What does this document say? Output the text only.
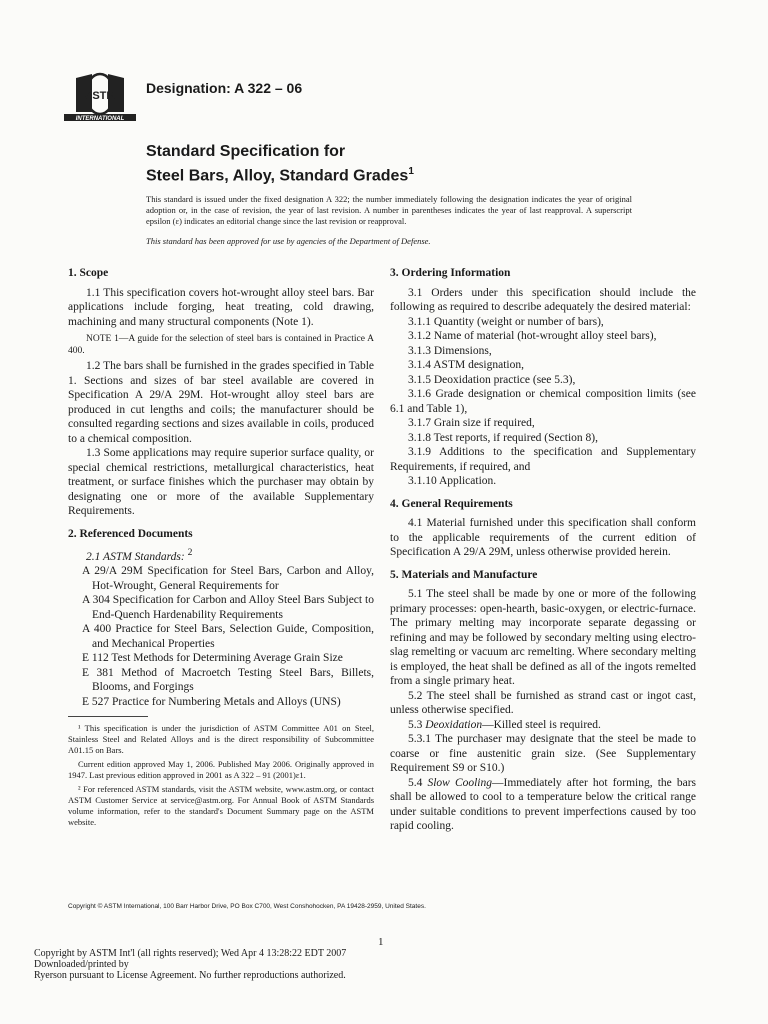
ASTM
INTERNATIONAL
Designation: A 322 – 06
Standard Specification for
Steel Bars, Alloy, Standard Grades$^1$
This standard is issued under the fixed designation A 322; the number immediately following the designation indicates the year of original adoption or, in the case of revision, the year of last revision. A number in parentheses indicates the year of last reapproval. A superscript epsilon (ε) indicates an editorial change since the last revision or reapproval.
This standard has been approved for use by agencies of the Department of Defense.
1. Scope

1.1 This specification covers hot-wrought alloy steel bars. Bar applications include forging, heat treating, cold drawing, machining and many structural components (Note 1).

NOTE 1—A guide for the selection of steel bars is contained in Practice A 400.

1.2 The bars shall be furnished in the grades specified in Table 1. Sections and sizes of bar steel available are covered in Specification A 29/A 29M. Hot-wrought alloy steel bars are produced in cut lengths and coils; the manufacturer should be consulted regarding sections and sizes available in coils, produced to a chemical composition.

1.3 Some applications may require superior surface quality, or special chemical restrictions, metallurgical characteristics, heat treatment, or surface finishes which the purchaser may obtain by designating one or more of the available Supplementary Requirements.

2. Referenced Documents

2.1 ASTM Standards: $^2$

A 29/A 29M Specification for Steel Bars, Carbon and Alloy, Hot-Wrought, General Requirements for

A 304 Specification for Carbon and Alloy Steel Bars Subject to End-Quench Hardenability Requirements

A 400 Practice for Steel Bars, Selection Guide, Composition, and Mechanical Properties

E 112 Test Methods for Determining Average Grain Size

E 381 Method of Macroetch Testing Steel Bars, Billets, Blooms, and Forgings

E 527 Practice for Numbering Metals and Alloys (UNS)

¹ This specification is under the jurisdiction of ASTM Committee A01 on Steel, Stainless Steel and Related Alloys and is the direct responsibility of Subcommittee A01.15 on Bars.

Current edition approved May 1, 2006. Published May 2006. Originally approved in 1947. Last previous edition approved in 2001 as A 322 – 91 (2001)ε1.

² For referenced ASTM standards, visit the ASTM website, www.astm.org, or contact ASTM Customer Service at service@astm.org. For Annual Book of ASTM Standards volume information, refer to the standard's Document Summary page on the ASTM website.

3. Ordering Information

3.1 Orders under this specification should include the following as required to describe adequately the desired material:

3.1.1 Quantity (weight or number of bars),

3.1.2 Name of material (hot-wrought alloy steel bars),

3.1.3 Dimensions,

3.1.4 ASTM designation,

3.1.5 Deoxidation practice (see 5.3),

3.1.6 Grade designation or chemical composition limits (see 6.1 and Table 1),

3.1.7 Grain size if required,

3.1.8 Test reports, if required (Section 8),

3.1.9 Additions to the specification and Supplementary Requirements, if required, and

3.1.10 Application.

4. General Requirements

4.1 Material furnished under this specification shall conform to the applicable requirements of the current edition of Specification A 29/A 29M, unless otherwise provided herein.

5. Materials and Manufacture

5.1 The steel shall be made by one or more of the following primary processes: open-hearth, basic-oxygen, or electric-furnace. The primary melting may incorporate separate degassing or refining and may be followed by secondary melting using electro-slag remelting or vacuum arc remelting. Where secondary melting is employed, the heat shall be defined as all of the ingots remelted from a single primary heat.

5.2 The steel shall be furnished as strand cast or ingot cast, unless otherwise specified.

5.3 Deoxidation—Killed steel is required.

5.3.1 The purchaser may designate that the steel be made to coarse or fine austenitic grain size. (See Supplementary Requirement S9 or S10.)

5.4 Slow Cooling—Immediately after hot forming, the bars shall be allowed to cool to a temperature below the critical range under suitable conditions to prevent imperfections caused by too rapid cooling.

Copyright © ASTM International, 100 Barr Harbor Drive, PO Box C700, West Conshohocken, PA 19428-2959, United States.
1
Copyright by ASTM Int'l (all rights reserved); Wed Apr 4 13:28:22 EDT 2007
Downloaded/printed by
Ryerson pursuant to License Agreement. No further reproductions authorized.
